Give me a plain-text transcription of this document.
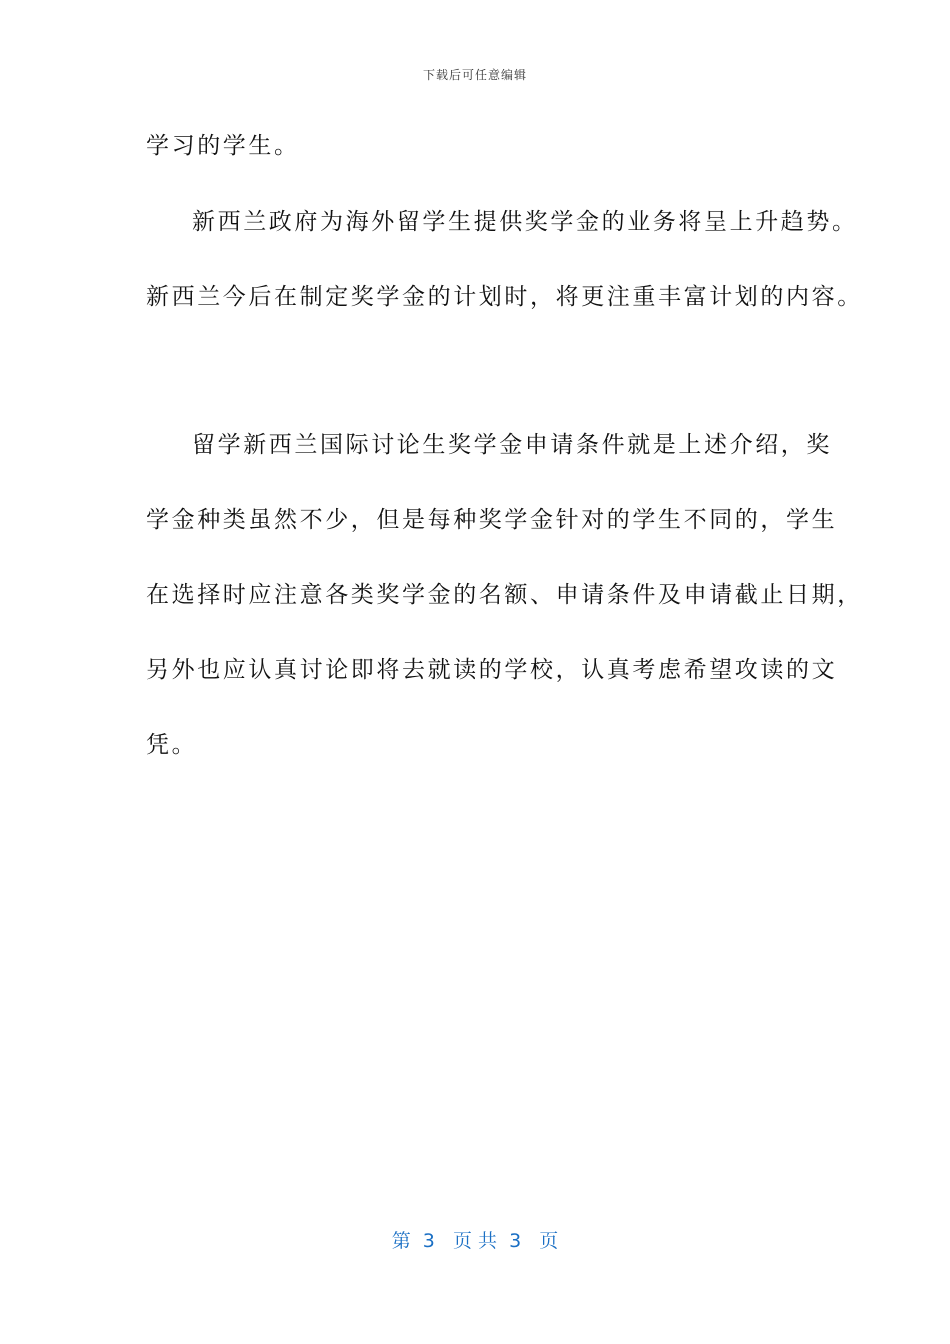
下载后可任意编辑
学习的学生。
新西兰政府为海外留学生提供奖学金的业务将呈上升趋势。
新西兰今后在制定奖学金的计划时，将更注重丰富计划的内容。
留学新西兰国际讨论生奖学金申请条件就是上述介绍，奖
学金种类虽然不少，但是每种奖学金针对的学生不同的，学生
在选择时应注意各类奖学金的名额、申请条件及申请截止日期，
另外也应认真讨论即将去就读的学校，认真考虑希望攻读的文
凭。
第  3   页 共  3   页
